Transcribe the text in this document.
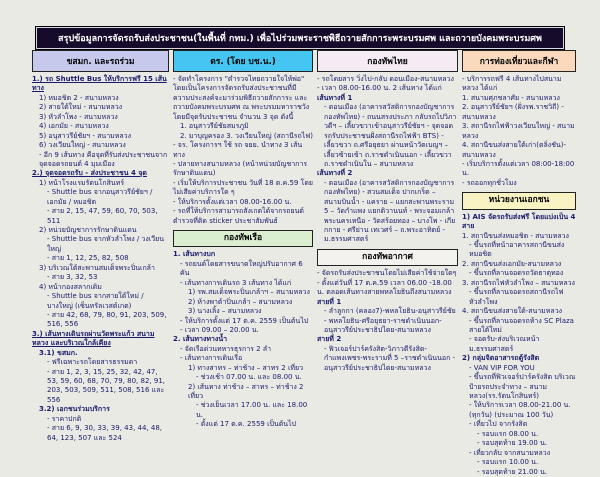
สรุปข้อมูลการจัดรถรับส่งประชาชน(ในพื้นที่ กทม.) เพื่อไปร่วมพระราชพิธีถวายสักการะพระบรมศพ และถวายบังคมพระบรมศพ
ขสมก. และรถร่วม
1.) รถ Shuttle Bus ให้บริการฟรี 15 เส้นทาง
1) หมอชิต 2 - สนามหลวง
2) สายใต้ใหม่ - สนามหลวง
3) หัวลำโพง - สนามหลวง
4) เอกมัย - สนามหลวง
5) อนุสาวรีย์ชัยฯ - สนามหลวง
6) วงเวียนใหญ่ - สนามหลวง
- อีก 9 เส้นทาง คือจุดที่รับส่งประชาชนจากจุดจอดรถยนต์ 4 มุมเมือง
2.) จุดจอดรถรับ - ส่งประชาชน 4 จุด
1) หน้าโรงแรมรัตนโกสินทร์
- Shuttle bus จากอนุสาวรีย์ชัยฯ / เอกมัย / หมอชิต
- สาย 2, 15, 47, 59, 60, 70, 503, 511
2) หน่วยบัญชาการรักษาดินแดน
- Shuttle bus จากหัวลำโพง / วงเวียนใหญ่
- สาย 1, 12, 25, 82, 508
3) บริเวณใต้สะพานสมเด็จพระปิ่นเกล้า
- สาย 3, 32, 53
4) หน้ากองสลากเดิม
- Shuttle bus จากสายใต้ใหม่ / บางใหญ่ (เซ็นทรัลเวสต์เกต)
- สาย 42, 68, 79, 80, 91, 203, 509, 516, 556
3.) เส้นทางเดินรถผ่านวัดพระแก้ว สนามหลวง และบริเวณใกล้เคียง
3.1) ขสมก.
- ฟรีเฉพาะรถโดยสารธรรมดา
- สาย 1, 2, 3, 15, 25, 32, 42, 47, 53, 59, 60, 68, 70, 79, 80, 82, 91, 203, 503, 509, 511, 508, 516 และ 556
3.2) เอกชนร่วมบริการ
- ราคาปกติ
- สาย 6, 9, 30, 33, 39, 43, 44, 48, 64, 123, 507 และ 524
ตร. (โดย บช.น.)
- จัดทำโครงการ "ตำรวจไทยถวายใจให้พ่อ" โดยเป็นโครงการจัดรถรับส่งประชาชนที่มีความประสงค์จะมาร่วมพิธีถวายสักการะ และถวายบังคมพระบรมศพ ณ พระบรมมหาราชวัง โดยมีจุดรับประชาชน จำนวน 3 จุด ดังนี้
1. อนุสาวรีย์ชัยสมรภูมิ
2. มาบุญครอง 3. วงเวียนใหญ่ (สถานีรถไฟ)
- จร. โครงการฯ ใช้ รถ จยย. นำทาง 3 เส้นทาง
- ปลายทางสนามหลวง (หน้าหน่วยบัญชาการรักษาดินแดน)
- เริ่มให้บริการประชาชน วันที่ 18 ต.ค.59 โดยไม่เสียค่าบริการใด ๆ
- ให้บริการตั้งแต่เวลา 08.00-16.00 น.
- รถที่ให้บริการสามารถสังเกตได้จากรถยนต์ตำรวจที่ติด sticker ประชาสัมพันธ์
กองทัพเรือ
1. เส้นทางบก
- รถยนต์โดยสารขนาดใหญ่ปรับอากาศ 6 คัน
- เส้นทางการเดินรถ 3 เส้นทาง ได้แก่
1) รพ.สมเด็จพระปิ่นเกล้าฯ – สนามหลวง
2) ห้างพาต้าปิ่นเกล้า – สนามหลวง
3) นางเลิ้ง – สนามหลวง
- ให้บริการตั้งแต่ 17 ต.ค. 2559 เป็นต้นไป
- เวลา 09.00 – 20.00 น.
2. เส้นทางทางน้ำ
- จัดเรือด่วนทหารธุรการ 2 ลำ
- เส้นทางการเดินเรือ
1) ทางสาทร – ท่าช้าง – สาทร 2 เที่ยว
- ช่วงเช้า 07.00 น. และ 08.00 น.
2) เส้นทาง ท่าช้าง – สาทร – ท่าช้าง 2 เที่ยว
- ช่วงเย็นเวลา 17.00 น. และ 18.00 น.
- ตั้งแต่ 17 ต.ค. 2559 เป็นต้นไป
กองทัพไทย
- รถโดยสาร วิ่งไป-กลับ ดอนเมือง-สนามหลวง
- เวลา 08.00-16.00 น. 2 เส้นทาง ได้แก่
เส้นทางที่ 1
- ดอนเมือง (อาคารสวัสดิการกองบัญชาการกองทัพไทย) - ถนนสรงประภา กลับรถไปวิภาวดีฯ – เลี้ยวขวาเข้าอนุสาวรีย์ชัยฯ - จุดจอดรถรับประชาชนฝั่งสถานีรถไฟฟ้า BTS) - เลี้ยวขวา ถ.ศรีอยุธยา ผ่านหน้าวัดเบญฯ – เลี้ยวซ้ายเข้า ถ.ราชดำเนินนอก - เลี้ยวขวา ถ.ราชดำเนินใน – สนามหลวง
เส้นทางที่ 2
- ดอนเมือง (อาคารสวัสดิการกองบัญชาการกองทัพไทย) - สวนสมเด็จ ปากเกร็ด – สนามบินน้ำ - แคราย – แยกสะพานพระราม 5 – วัดกำแพง แยกติวานนท์ - พระจอมเกล้าพระนครเหนือ - วัดสร้อยทอง – บางโพ - เกียกกาย - ศรีย่าน เทเวศร์ – ถ.พระอาทิตย์ - ม.ธรรมศาสตร์
กองทัพอากาศ
- จัดรถรับส่งประชาชนโดยไม่เสียค่าใช้จ่ายใดๆ
- ตั้งแต่วันที่ 17 ต.ค.59 เวลา 06.00 -18.00 น. ตลอดเส้นทางสายพหลโยธินถึงสนามหลวง
สายที่ 1
- ลำลูกกา (คลอง7)-พหลโยธิน-อนุสาวรีย์ชัย - พหลโยธิน-ศรีอยุธยา-ราชดำเนินนอก-อนุสาวรีย์ประชาธิปไตย-สนามหลวง
สายที่ 2
- ฟิวเจอร์ปาร์ครังสิต-วิภาวดีรังสิต-กำแพงเพชร-พระรามที่ 5 –ราชดำเนินนอก - อนุสาวรีย์ประชาธิปไตย-สนามหลวง
การท่องเที่ยวและกีฬา
- บริการรถฟรี 4 เส้นทางไปสนามหลวง ได้แก่
1. สนามศุภชลาศัย - สนามหลวง
2. อนุสาวรีย์ชัยฯ (ฝั่งรพ.ราชวิถี) - สนามหลวง
3. สถานีรถไฟฟ้าวงเวียนใหญ่ - สนามหลวง
4. สถานีขนส่งสายใต้เก่า(ตลิ่งชัน)-สนามหลวง
- เริ่มบริการตั้งแต่เวลา 08:00-18:00 น.
- รถออกทุกชั่วโมง
หน่วยงานเอกชน
1) AIS จัดรถรับส่งฟรี โดยแบ่งเป็น 4 สาย
1. สถานีขนส่งหมอชิต - สนามหลวง
- ขึ้นรถที่หน้าอาคารสถานีขนส่งหมอชิต
2. สถานีขนส่งเอกมัย-สนามหลวง
- ขึ้นรถที่ลานจอดรถวัดธาตุทอง
3. สถานีรถไฟหัวลำโพง – สนามหลวง
- ขึ้นรถที่ลานจอดรถสถานีรถไฟหัวลำโพง
4. สถานีขนส่งสายใต้-สนามหลวง
- ขึ้นรถที่ลานจอดรถห้าง SC Plaza สายใต้ใหม่
- จอดรับ-ส่งบริเวณหน้า ม.ธรรมศาสตร์
2) กลุ่มจิตอาสารถตู้รังสิต
- VAN VIP FOR YOU
- ขึ้นรถที่ฟิวเจอร์ปาร์ครังสิต บริเวณป้ายรถประจำทาง – สนามหลวง(รร.รัตนโกสินทร์)
- ให้บริการเวลา 08.00-21.00 น. (ทุกวัน) (ประมาณ 100 วัน)
- เที่ยวไป จากรังสิต
- รอบแรก 08.00 น.
- รอบสุดท้าย 19.00 น.
- เที่ยวกลับ จากสนามหลวง
- รอบแรก 10.00 น.
- รอบสุดท้าย 21.00 น.
